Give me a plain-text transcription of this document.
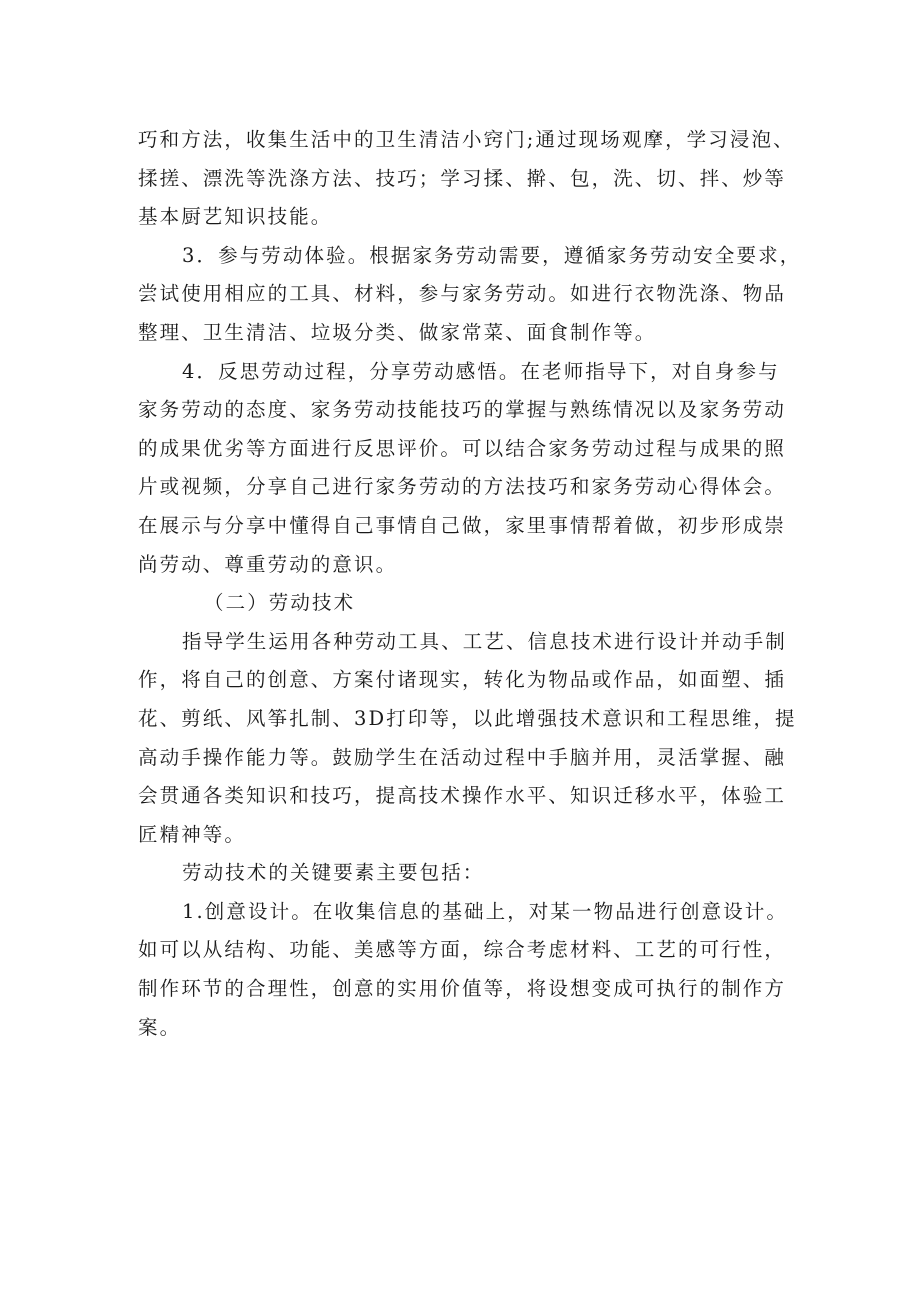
巧和方法，收集生活中的卫生清洁小窍门;通过现场观摩，学习浸泡、
揉搓、漂洗等洗涤方法、技巧；学习揉、擀、包，洗、切、拌、炒等
基本厨艺知识技能。
3．参与劳动体验。根据家务劳动需要，遵循家务劳动安全要求，
尝试使用相应的工具、材料，参与家务劳动。如进行衣物洗涤、物品
整理、卫生清洁、垃圾分类、做家常菜、面食制作等。
4．反思劳动过程，分享劳动感悟。在老师指导下，对自身参与
家务劳动的态度、家务劳动技能技巧的掌握与熟练情况以及家务劳动
的成果优劣等方面进行反思评价。可以结合家务劳动过程与成果的照
片或视频，分享自己进行家务劳动的方法技巧和家务劳动心得体会。
在展示与分享中懂得自己事情自己做，家里事情帮着做，初步形成崇
尚劳动、尊重劳动的意识。
（二）劳动技术
指导学生运用各种劳动工具、工艺、信息技术进行设计并动手制
作，将自己的创意、方案付诸现实，转化为物品或作品，如面塑、插
花、剪纸、风筝扎制、3D打印等，以此增强技术意识和工程思维，提
高动手操作能力等。鼓励学生在活动过程中手脑并用，灵活掌握、融
会贯通各类知识和技巧，提高技术操作水平、知识迁移水平，体验工
匠精神等。
劳动技术的关键要素主要包括：
1.创意设计。在收集信息的基础上，对某一物品进行创意设计。
如可以从结构、功能、美感等方面，综合考虑材料、工艺的可行性，
制作环节的合理性，创意的实用价值等，将设想变成可执行的制作方
案。
